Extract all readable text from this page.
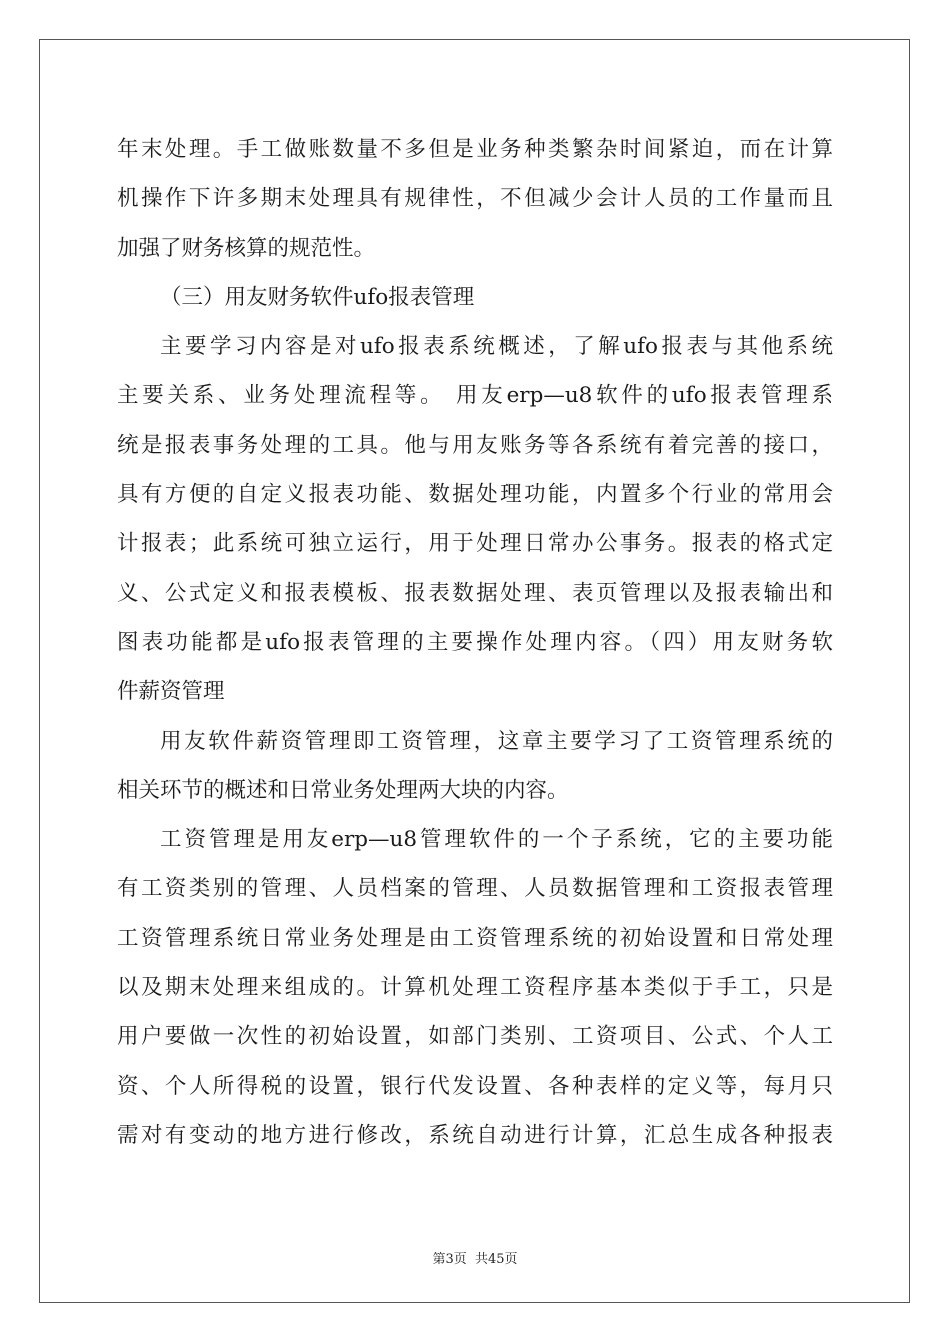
年末处理。手工做账数量不多但是业务种类繁杂时间紧迫，而在计算
机操作下许多期末处理具有规律性，不但减少会计人员的工作量而且
加强了财务核算的规范性。
（三）用友财务软件ufo报表管理
主要学习内容是对ufo报表系统概述，了解ufo报表与其他系统
主要关系、业务处理流程等。 用友erp—u8软件的ufo报表管理系
统是报表事务处理的工具。他与用友账务等各系统有着完善的接口，
具有方便的自定义报表功能、数据处理功能，内置多个行业的常用会
计报表；此系统可独立运行，用于处理日常办公事务。报表的格式定
义、公式定义和报表模板、报表数据处理、表页管理以及报表输出和
图表功能都是ufo报表管理的主要操作处理内容。（四）用友财务软
件薪资管理
用友软件薪资管理即工资管理，这章主要学习了工资管理系统的
相关环节的概述和日常业务处理两大块的内容。
工资管理是用友erp—u8管理软件的一个子系统，它的主要功能
有工资类别的管理、人员档案的管理、人员数据管理和工资报表管理
工资管理系统日常业务处理是由工资管理系统的初始设置和日常处理
以及期末处理来组成的。计算机处理工资程序基本类似于手工，只是
用户要做一次性的初始设置，如部门类别、工资项目、公式、个人工
资、个人所得税的设置，银行代发设置、各种表样的定义等，每月只
需对有变动的地方进行修改，系统自动进行计算，汇总生成各种报表
第3页 共45页
